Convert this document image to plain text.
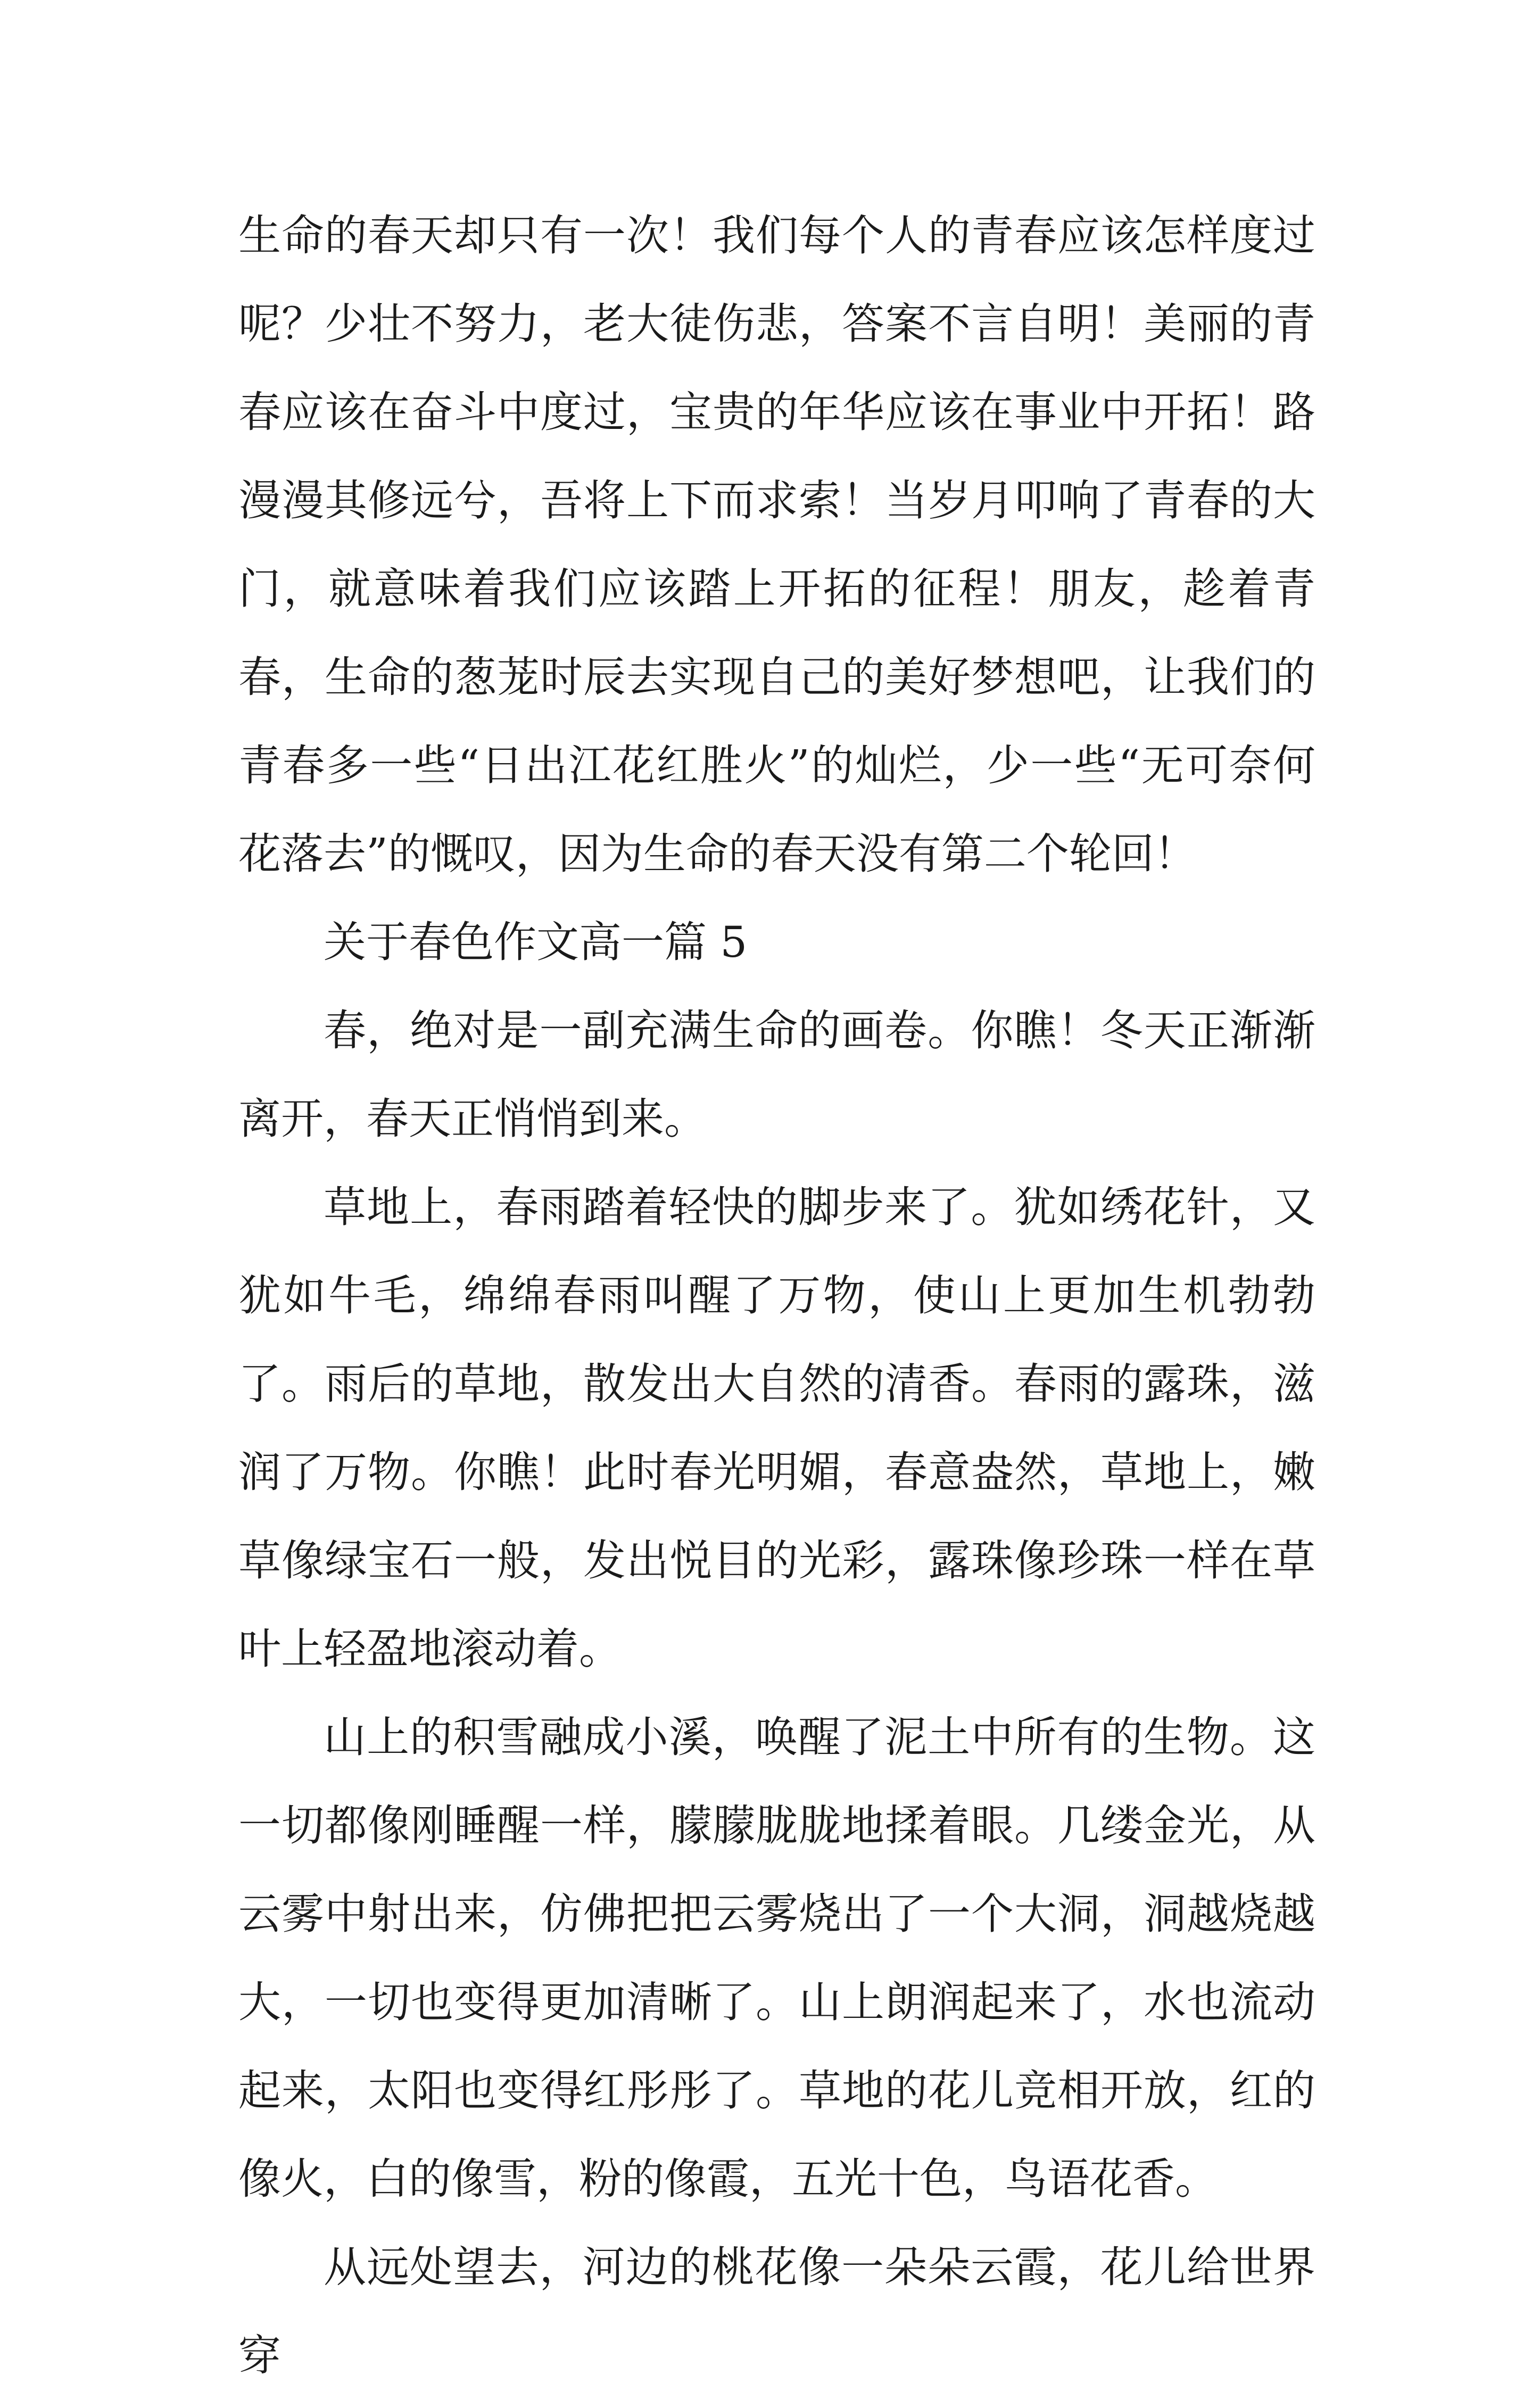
生命的春天却只有一次！我们每个人的青春应该怎样度过呢？少壮不努力，老大徒伤悲，答案不言自明！美丽的青春应该在奋斗中度过，宝贵的年华应该在事业中开拓！路漫漫其修远兮，吾将上下而求索！当岁月叩响了青春的大门，就意味着我们应该踏上开拓的征程！朋友，趁着青春，生命的葱茏时辰去实现自己的美好梦想吧，让我们的青春多一些“日出江花红胜火”的灿烂，少一些“无可奈何花落去”的慨叹，因为生命的春天没有第二个轮回！

关于春色作文高一篇 5

春，绝对是一副充满生命的画卷。你瞧！冬天正渐渐离开，春天正悄悄到来。

草地上，春雨踏着轻快的脚步来了。犹如绣花针，又犹如牛毛，绵绵春雨叫醒了万物，使山上更加生机勃勃了。雨后的草地，散发出大自然的清香。春雨的露珠，滋润了万物。你瞧！此时春光明媚，春意盎然，草地上，嫩草像绿宝石一般，发出悦目的光彩，露珠像珍珠一样在草叶上轻盈地滚动着。

山上的积雪融成小溪，唤醒了泥土中所有的生物。这一切都像刚睡醒一样，朦朦胧胧地揉着眼。几缕金光，从云雾中射出来，仿佛把把云雾烧出了一个大洞，洞越烧越大，一切也变得更加清晰了。山上朗润起来了，水也流动起来，太阳也变得红彤彤了。草地的花儿竞相开放，红的像火，白的像雪，粉的像霞，五光十色，鸟语花香。

从远处望去，河边的桃花像一朵朵云霞，花儿给世界穿
